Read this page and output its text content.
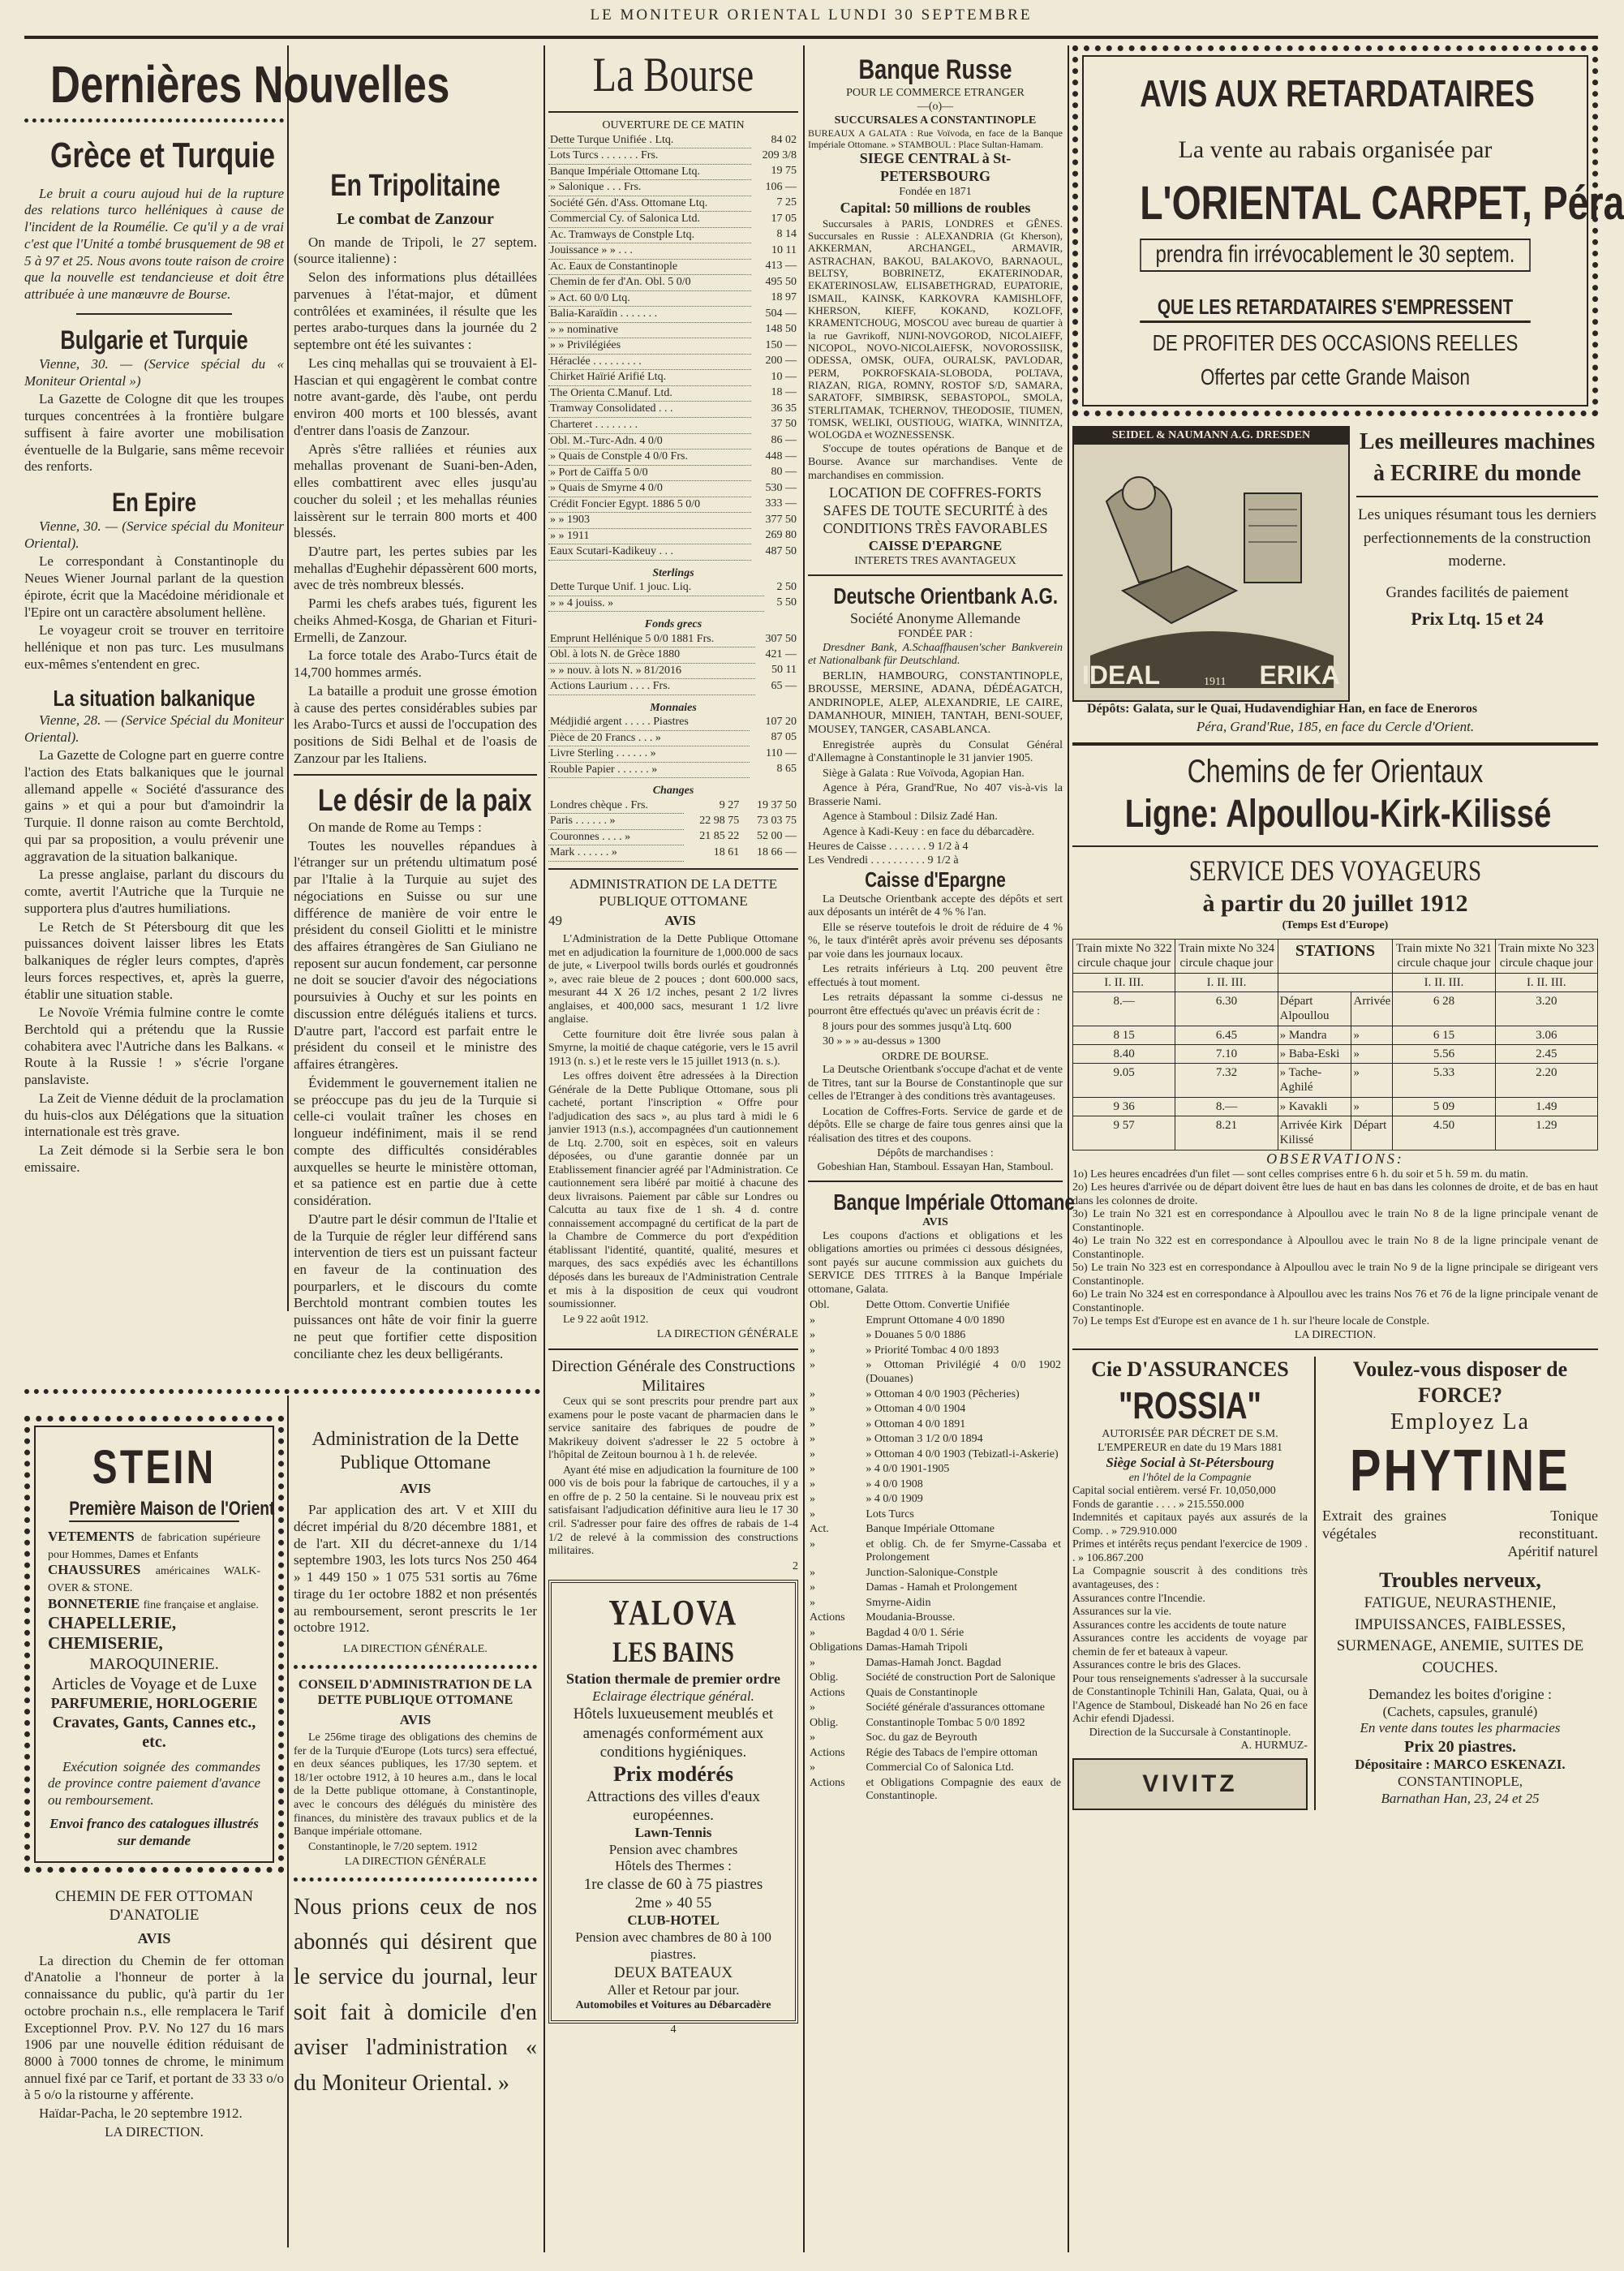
LE MONITEUR ORIENTAL LUNDI 30 SEPTEMBRE
Dernières Nouvelles
Grèce et Turquie

Le bruit a couru aujoud hui de la rupture des relations turco helléniques à cause de l'incident de la Roumélie. Ce qu'il y a de vrai c'est que l'Unité a tombé brusquement de 98 et 5 à 97 et 25. Nous avons toute raison de croire que la nouvelle est tendancieuse et doit être attribuée à une manœuvre de Bourse.

Bulgarie et Turquie

Vienne, 30. — (Service spécial du « Moniteur Oriental »)

La Gazette de Cologne dit que les troupes turques concentrées à la frontière bulgare suffisent à faire avorter une mobilisation éventuelle de la Bulgarie, sans même recevoir des renforts.

En Epire

Vienne, 30. — (Service spécial du Moniteur Oriental).

Le correspondant à Constantinople du Neues Wiener Journal parlant de la question épirote, écrit que la Macédoine méridionale et l'Epire ont un caractère absolument hellène.

Le voyageur croit se trouver en territoire hellénique et non pas turc. Les musulmans eux-mêmes s'entendent en grec.

La situation balkanique

Vienne, 28. — (Service Spécial du Moniteur Oriental).

La Gazette de Cologne part en guerre contre l'action des Etats balkaniques que le journal allemand appelle « Société d'assurance des gains » et qui a pour but d'amoindrir la Turquie. Il donne raison au comte Berchtold, qui par sa proposition, a voulu prévenir une aggravation de la situation balkanique.

La presse anglaise, parlant du discours du comte, avertit l'Autriche que la Turquie ne supportera plus d'autres humiliations.

Le Retch de St Pétersbourg dit que les puissances doivent laisser libres les Etats balkaniques de régler leurs comptes, d'après leurs forces respectives, et, après la guerre, établir une situation stable.

Le Novoïe Vrémia fulmine contre le comte Berchtold qui a prétendu que la Russie cohabitera avec l'Autriche dans les Balkans. « Route à la Russie ! » s'écrie l'organe panslaviste.

La Zeit de Vienne déduit de la proclamation du huis-clos aux Délégations que la situation internationale est très grave.

La Zeit démode si la Serbie sera le bon emissaire.

En Tripolitaine
Le combat de Zanzour

On mande de Tripoli, le 27 septem. (source italienne) :

Selon des informations plus détaillées parvenues à l'état-major, et dûment contrôlées et examinées, il résulte que les pertes arabo-turques dans la journée du 2 septembre ont été les suivantes :

Les cinq mehallas qui se trouvaient à El-Hascian et qui engagèrent le combat contre notre avant-garde, dès l'aube, ont perdu environ 400 morts et 100 blessés, avant d'entrer dans l'oasis de Zanzour.

Après s'être ralliées et réunies aux mehallas provenant de Suani-ben-Aden, elles combattirent avec elles jusqu'au coucher du soleil ; et les mehallas réunies laissèrent sur le terrain 800 morts et 400 blessés.

D'autre part, les pertes subies par les mehallas d'Eughehir dépassèrent 600 morts, avec de très nombreux blessés.

Parmi les chefs arabes tués, figurent les cheiks Ahmed-Kosga, de Gharian et Fituri-Ermelli, de Zanzour.

La force totale des Arabo-Turcs était de 14,700 hommes armés.

La bataille a produit une grosse émotion à cause des pertes considérables subies par les Arabo-Turcs et aussi de l'occupation des positions de Sidi Belhal et de l'oasis de Zanzour par les Italiens.

Le désir de la paix

On mande de Rome au Temps :

Toutes les nouvelles répandues à l'étranger sur un prétendu ultimatum posé par l'Italie à la Turquie au sujet des négociations en Suisse ou sur une différence de manière de voir entre le président du conseil Giolitti et le ministre des affaires étrangères de San Giuliano ne reposent sur aucun fondement, car personne ne doit se soucier d'avoir des négociations poursuivies à Ouchy et sur les points en discussion entre délégués italiens et turcs. D'autre part, l'accord est parfait entre le président du conseil et le ministre des affaires étrangères.

Évidemment le gouvernement italien ne se préoccupe pas du jeu de la Turquie si celle-ci voulait traîner les choses en longueur indéfiniment, mais il se rend compte des difficultés considérables auxquelles se heurte le ministère ottoman, et sa patience est en partie due à cette considération.

D'autre part le désir commun de l'Italie et de la Turquie de régler leur différend sans intervention de tiers est un puissant facteur en faveur de la continuation des pourparlers, et le discours du comte Berchtold montrant combien toutes les puissances ont hâte de voir finir la guerre ne peut que fortifier cette disposition conciliante chez les deux belligérants.

STEIN
Première Maison de l'Orient
VETEMENTS de fabrication supérieure pour Hommes, Dames et Enfants
CHAUSSURES américaines WALK-OVER & STONE.
BONNETERIE fine française et anglaise.
CHAPELLERIE, CHEMISERIE,
MAROQUINERIE.
Articles de Voyage et de Luxe
PARFUMERIE, HORLOGERIE
Cravates, Gants, Cannes etc., etc.

Exécution soignée des commandes de province contre paiement d'avance ou remboursement.

Envoi franco des catalogues illustrés sur demande
CHEMIN DE FER OTTOMAN D'ANATOLIE
AVIS

La direction du Chemin de fer ottoman d'Anatolie a l'honneur de porter à la connaissance du public, qu'à partir du 1er octobre prochain n.s., elle remplacera le Tarif Exceptionnel Prov. P.V. No 127 du 16 mars 1906 par une nouvelle édition réduisant de 8000 à 7000 tonnes de chrome, le minimum annuel fixé par ce Tarif, et portant de 33 33 o/o à 5 o/o la ristourne y afférente.

Haïdar-Pacha, le 20 septembre 1912.

LA DIRECTION.
Administration de la Dette Publique Ottomane
AVIS

Par application des art. V et XIII du décret impérial du 8/20 décembre 1881, et de l'art. XII du décret-annexe du 1/14 septembre 1903, les lots turcs Nos 250 464 » 1 449 150 » 1 075 531 sortis au 76me tirage du 1er octobre 1882 et non présentés au remboursement, seront prescrits le 1er octobre 1912.

LA DIRECTION GÉNÉRALE.
CONSEIL D'ADMINISTRATION DE LA DETTE PUBLIQUE OTTOMANE
AVIS

Le 256me tirage des obligations des chemins de fer de la Turquie d'Europe (Lots turcs) sera effectué, en deux séances publiques, les 17/30 septem. et 18/1er octobre 1912, à 10 heures a.m., dans le local de la Dette publique ottomane, à Constantinople, avec le concours des délégués du ministère des finances, du ministère des travaux publics et de la Banque impériale ottomane.

Constantinople, le 7/20 septem. 1912

LA DIRECTION GÉNÉRALE
Nous prions ceux de nos abonnés qui désirent que le service du journal, leur soit fait à domicile d'en aviser l'administration « du Moniteur Oriental. »
La Bourse
OUVERTURE DE CE MATIN
Dette Turque Unifiée . Ltq.	84 02
Lots Turcs . . . . . . . Frs.	209 3/8
Banque Impériale Ottomane Ltq.	19 75
» Salonique . . . Frs.	106 —
Société Gén. d'Ass. Ottomane Ltq.	7 25
Commercial Cy. of Salonica Ltd.	17 05
Ac. Tramways de Constple Ltq.	8 14
Jouissance » » . . .	10 11
Ac. Eaux de Constantinople	413 —
Chemin de fer d'An. Obl. 5 0/0	495 50
» Act. 60 0/0 Ltq.	18 97
Balia-Karaïdin . . . . . . .	504 —
» » nominative	148 50
» » Privilégiées	150 —
Héraclée . . . . . . . . .	200 —
Chirket Haïrié Arifié Ltq.	10 —
The Orienta C.Manuf. Ltd.	18 —
Tramway Consolidated . . .	36 35
Charteret . . . . . . . .	37 50
Obl. M.-Turc-Adn. 4 0/0	86 —
» Quais de Constple 4 0/0 Frs.	448 —
» Port de Caïffa 5 0/0	80 —
» Quais de Smyrne 4 0/0	530 —
Crédit Foncier Egypt. 1886 5 0/0	333 —
» » 1903	377 50
» » 1911	269 80
Eaux Scutari-Kadikeuy . . .	487 50
Sterlings
Dette Turque Unif. 1 jouc. Liq.	2 50
» » 4 jouiss. »	5 50
Fonds grecs
Emprunt Hellénique 5 0/0 1881 Frs.	307 50
Obl. à lots N. de Grèce 1880	421 —
» » nouv. à lots N. » 81/2016	50 11
Actions Laurium . . . . Frs.	65 —
Monnaies
Médjidié argent . . . . . Piastres	107 20
Pièce de 20 Francs . . . »	87 05
Livre Sterling . . . . . . »	110 —
Rouble Papier . . . . . . »	8 65
Changes
Londres chèque . Frs.	9 27	19 37 50
Paris . . . . . . »	22 98 75	73 03 75
Couronnes . . . . »	21 85 22	52 00 —
Mark . . . . . . »	18 61	18 66 —
ADMINISTRATION DE LA DETTE PUBLIQUE OTTOMANE
49	AVIS

L'Administration de la Dette Publique Ottomane met en adjudication la fourniture de 1,000.000 de sacs de jute, « Liverpool twills bords ourlés et goudronnés », avec raie bleue de 2 pouces ; dont 600.000 sacs, mesurant 44 X 26 1/2 inches, pesant 2 1/2 livres anglaises, et 400,000 sacs, mesurant 1 1/2 livre anglaise.

Cette fourniture doit être livrée sous palan à Smyrne, la moitié de chaque catégorie, vers le 15 avril 1913 (n. s.) et le reste vers le 15 juillet 1913 (n. s.).

Les offres doivent être adressées à la Direction Générale de la Dette Publique Ottomane, sous pli cacheté, portant l'inscription « Offre pour l'adjudication des sacs », au plus tard à midi le 6 janvier 1913 (n.s.), accompagnées d'un cautionnement de Ltq. 2.700, soit en espèces, soit en valeurs déposées, ou d'une garantie donnée par un Etablissement financier agréé par l'Administration. Ce cautionnement sera libéré par moitié à chacune des deux livraisons. Paiement par câble sur Londres ou Calcutta au taux fixe de 1 sh. 4 d. contre connaissement accompagné du certificat de la part de la Chambre de Commerce du port d'expédition établissant l'identité, quantité, qualité, mesures et marques, des sacs expédiés avec les échantillons déposés dans les bureaux de l'Administration Centrale et mis à la disposition de ceux qui voudront soumissionner.

Le 9 22 août 1912.

LA DIRECTION GÉNÉRALE
Direction Générale des Constructions Militaires

Ceux qui se sont prescrits pour prendre part aux examens pour le poste vacant de pharmacien dans le service sanitaire des fabriques de poudre de Makrikeuy doivent s'adresser le 22 5 octobre à l'hôpital de Zeitoun bournou à 1 h. de relevée.

Ayant été mise en adjudication la fourniture de 100 000 vis de bois pour la fabrique de cartouches, il y a en offre de p. 2 50 la centaine. Si le nouveau prix est satisfaisant l'adjudication définitive aura lieu le 17 30 cril. S'adresser pour faire des offres de rabais de 1-4 1/2 de relevé à la commission des constructions militaires.

2
YALOVA
LES BAINS
Station thermale de premier ordre
Eclairage électrique général.
Hôtels luxueusement meublés et amenagés conformément aux conditions hygiéniques.
Prix modérés
Attractions des villes d'eaux européennes.
Lawn-Tennis
Pension avec chambres
Hôtels des Thermes :
1re classe de 60 à 75 piastres
2me » 40 55
CLUB-HOTEL
Pension avec chambres de 80 à 100 piastres.
DEUX BATEAUX
Aller et Retour par jour.
Automobiles et Voitures au Débarcadère
4
Banque Russe
POUR LE COMMERCE ETRANGER
—(o)—
SUCCURSALES A CONSTANTINOPLE
BUREAUX A GALATA : Rue Voïvoda, en face de la Banque Impériale Ottomane. » STAMBOUL : Place Sultan-Hamam.
SIEGE CENTRAL à St-PETERSBOURG
Fondée en 1871
Capital: 50 millions de roubles

Succursales à PARIS, LONDRES et GÊNES. Succursales en Russie : ALEXANDRIA (Gt Kherson), AKKERMAN, ARCHANGEL, ARMAVIR, ASTRACHAN, BAKOU, BALAKOVO, BARNAOUL, BELTSY, BOBRINETZ, EKATERINODAR, EKATERINOSLAW, ELISABETHGRAD, EUPATORIE, ISMAIL, KAINSK, KARKOVRA KAMISHLOFF, KHERSON, KIEFF, KOKAND, KOZLOFF, KRAMENTCHOUG, MOSCOU avec bureau de quartier à la rue Gavrikoff, NIJNI-NOVGOROD, NICOLAIEFF, NICOPOL, NOVO-NICOLAIEFSK, NOVOROSSIISK, ODESSA, OMSK, OUFA, OURALSK, PAVLODAR, PERM, POKROFSKAIA-SLOBODA, POLTAVA, RIAZAN, RIGA, ROMNY, ROSTOF S/D, SAMARA, SARATOFF, SIMBIRSK, SEBASTOPOL, SMOLA, STERLITAMAK, TCHERNOV, THEODOSIE, TIUMEN, TOMSK, WELIKI, OUSTIOUG, WIATKA, WINNITZA, WOLOGDA et WOZNESSENSK.

S'occupe de toutes opérations de Banque et de Bourse. Avance sur marchandises. Vente de marchandises en commission.

LOCATION DE COFFRES-FORTS SAFES DE TOUTE SECURITÉ à des CONDITIONS TRÈS FAVORABLES
CAISSE D'EPARGNE
INTERETS TRES AVANTAGEUX
Deutsche Orientbank A.G.
Société Anonyme Allemande
FONDÉE PAR :

Dresdner Bank, A.Schaaffhausen'scher Bankverein et Nationalbank für Deutschland.

BERLIN, HAMBOURG, CONSTANTINOPLE, BROUSSE, MERSINE, ADANA, DÉDÉAGATCH, ANDRINOPLE, ALEP, ALEXANDRIE, LE CAIRE, DAMANHOUR, MINIEH, TANTAH, BENI-SOUEF, MOUSEY, TANGER, CASABLANCA.

Enregistrée auprès du Consulat Général d'Allemagne à Constantinople le 31 janvier 1905.

Siège à Galata : Rue Voïvoda, Agopian Han.

Agence à Péra, Grand'Rue, No 407 vis-à-vis la Brasserie Nami.

Agence à Stamboul : Dilsiz Zadé Han.

Agence à Kadi-Keuy : en face du débarcadère.

Heures de Caisse . . . . . . . 9 1/2 à 4
Les Vendredi . . . . . . . . . . 9 1/2 à
Caisse d'Epargne

La Deutsche Orientbank accepte des dépôts et sert aux déposants un intérêt de 4 % % l'an.

Elle se réserve toutefois le droit de réduire de 4 % %, le taux d'intérêt après avoir prévenu ses déposants par voie dans les journaux locaux.

Les retraits inférieurs à Ltq. 200 peuvent être effectués à tout moment.

Les retraits dépassant la somme ci-dessus ne pourront être effectués qu'avec un préavis écrit de :

8 jours pour des sommes jusqu'à Ltq. 600

30 » » » au-dessus » 1300

ORDRE DE BOURSE.

La Deutsche Orientbank s'occupe d'achat et de vente de Titres, tant sur la Bourse de Constantinople que sur celles de l'Etranger à des conditions très avantageuses.

Location de Coffres-Forts. Service de garde et de dépôts. Elle se charge de faire tous genres ainsi que la réalisation des titres et des coupons.

Dépôts de marchandises :
Gobeshian Han, Stamboul. Essayan Han, Stamboul.
Banque Impériale Ottomane
AVIS

Les coupons d'actions et obligations et les obligations amorties ou primées ci dessous désignées, sont payés sur aucune commission aux guichets du SERVICE DES TITRES à la Banque Impériale ottomane, Galata.

Obl.	Dette Ottom. Convertie Unifiée
»	Emprunt Ottomane 4 0/0 1890
»	» Douanes 5 0/0 1886
»	» Priorité Tombac 4 0/0 1893
»	» Ottoman Privilégié 4 0/0 1902 (Douanes)
»	» Ottoman 4 0/0 1903 (Pêcheries)
»	» Ottoman 4 0/0 1904
»	» Ottoman 4 0/0 1891
»	» Ottoman 3 1/2 0/0 1894
»	» Ottoman 4 0/0 1903 (Tebizatl-i-Askerie)
»	» 4 0/0 1901-1905
»	» 4 0/0 1908
»	» 4 0/0 1909
»	Lots Turcs
Act.	Banque Impériale Ottomane
»	et oblig. Ch. de fer Smyrne-Cassaba et Prolongement
»	Junction-Salonique-Constple
»	Damas - Hamah et Prolongement
»	Smyrne-Aidin
Actions	Moudania-Brousse.
»	Bagdad 4 0/0 1. Série
Obligations	Damas-Hamah Tripoli
»	Damas-Hamah Jonct. Bagdad
Oblig.	Société de construction Port de Salonique
Actions	Quais de Constantinople
»	Société générale d'assurances ottomane
Oblig.	Constantinople Tombac 5 0/0 1892
»	Soc. du gaz de Beyrouth
Actions	Régie des Tabacs de l'empire ottoman
»	Commercial Co of Salonica Ltd.
Actions	et Obligations Compagnie des eaux de Constantinople.
AVIS AUX RETARDATAIRES
La vente au rabais organisée par
L'ORIENTAL CARPET, Péra
prendra fin irrévocablement le 30 septem.
QUE LES RETARDATAIRES S'EMPRESSENT
DE PROFITER DES OCCASIONS REELLES
Offertes par cette Grande Maison
SEIDEL & NAUMANN A.G. DRESDEN
IDEAL	ERIKA
1911
Les meilleures machines à ECRIRE du monde
Les uniques résumant tous les derniers perfectionnements de la construction moderne.
Grandes facilités de paiement
Prix Ltq. 15 et 24

Dépôts: Galata, sur le Quai, Hudavendighiar Han, en face de Eneroros

Péra, Grand'Rue, 185, en face du Cercle d'Orient.
Chemins de fer Orientaux
Ligne: Alpoullou-Kirk-Kilissé
SERVICE DES VOYAGEURS
à partir du 20 juillet 1912
(Temps Est d'Europe)
Train mixte No 322 circule chaque jour	Train mixte No 324 circule chaque jour	STATIONS		Train mixte No 321 circule chaque jour	Train mixte No 323 circule chaque jour
I. II. III.	I. II. III.			I. II. III.	I. II. III.
8.—	6.30	Départ Alpoullou	Arrivée	6 28	3.20
8 15	6.45	» Mandra	»	6 15	3.06
8.40	7.10	» Baba-Eski	»	5.56	2.45
9.05	7.32	» Tache-Aghilé	»	5.33	2.20
9 36	8.—	» Kavakli	»	5 09	1.49
9 57	8.21	Arrivée Kirk Kilissé	Départ	4.50	1.29
OBSERVATIONS:
1o) Les heures encadrées d'un filet — sont celles comprises entre 6 h. du soir et 5 h. 59 m. du matin.
2o) Les heures d'arrivée ou de départ doivent être lues de haut en bas dans les colonnes de droite, et de bas en haut dans les colonnes de droite.
3o) Le train No 321 est en correspondance à Alpoullou avec le train No 8 de la ligne principale venant de Constantinople.
4o) Le train No 322 est en correspondance à Alpoullou avec le train No 8 de la ligne principale venant de Constantinople.
5o) Le train No 323 est en correspondance à Alpoullou avec le train No 9 de la ligne principale se dirigeant vers Constantinople.
6o) Le train No 324 est en correspondance à Alpoullou avec les trains Nos 76 et 76 de la ligne principale venant de Constantinople.
7o) Le temps Est d'Europe est en avance de 1 h. sur l'heure locale de Constple.
LA DIRECTION.
Cie D'ASSURANCES
"ROSSIA"
AUTORISÉE PAR DÉCRET DE S.M. L'EMPEREUR en date du 19 Mars 1881
Siège Social à St-Pétersbourg
en l'hôtel de la Compagnie
Capital social entièrem. versé Fr. 10,050,000
Fonds de garantie . . . . » 215.550.000
Indemnités et capitaux payés aux assurés de la Comp. . » 729.910.000
Primes et intérêts reçus pendant l'exercice de 1909 . . » 106.867.200
La Compagnie souscrit à des conditions très avantageuses, des :
Assurances contre l'Incendie.
Assurances sur la vie.
Assurances contre les accidents de toute nature
Assurances contre les accidents de voyage par chemin de fer et bateaux à vapeur.
Assurances contre le bris des Glaces.
Pour tous renseignements s'adresser à la succursale de Constantinople Tchinili Han, Galata, Quai, ou à l'Agence de Stamboul, Diskeadé han No 26 en face Achir efendi Djadessi.
Direction de la Succursale à Constantinople.
A. HURMUZ-
VIVITZ
Voulez-vous disposer de FORCE?
Employez La
PHYTINE
Extrait des graines végétales
Tonique reconstituant. Apéritif naturel
Troubles nerveux,
FATIGUE, NEURASTHENIE, IMPUISSANCES, FAIBLESSES, SURMENAGE, ANEMIE, SUITES DE COUCHES.
Demandez les boites d'origine :
(Cachets, capsules, granulé)
En vente dans toutes les pharmacies
Prix 20 piastres.
Dépositaire : MARCO ESKENAZI.
CONSTANTINOPLE,
Barnathan Han, 23, 24 et 25
